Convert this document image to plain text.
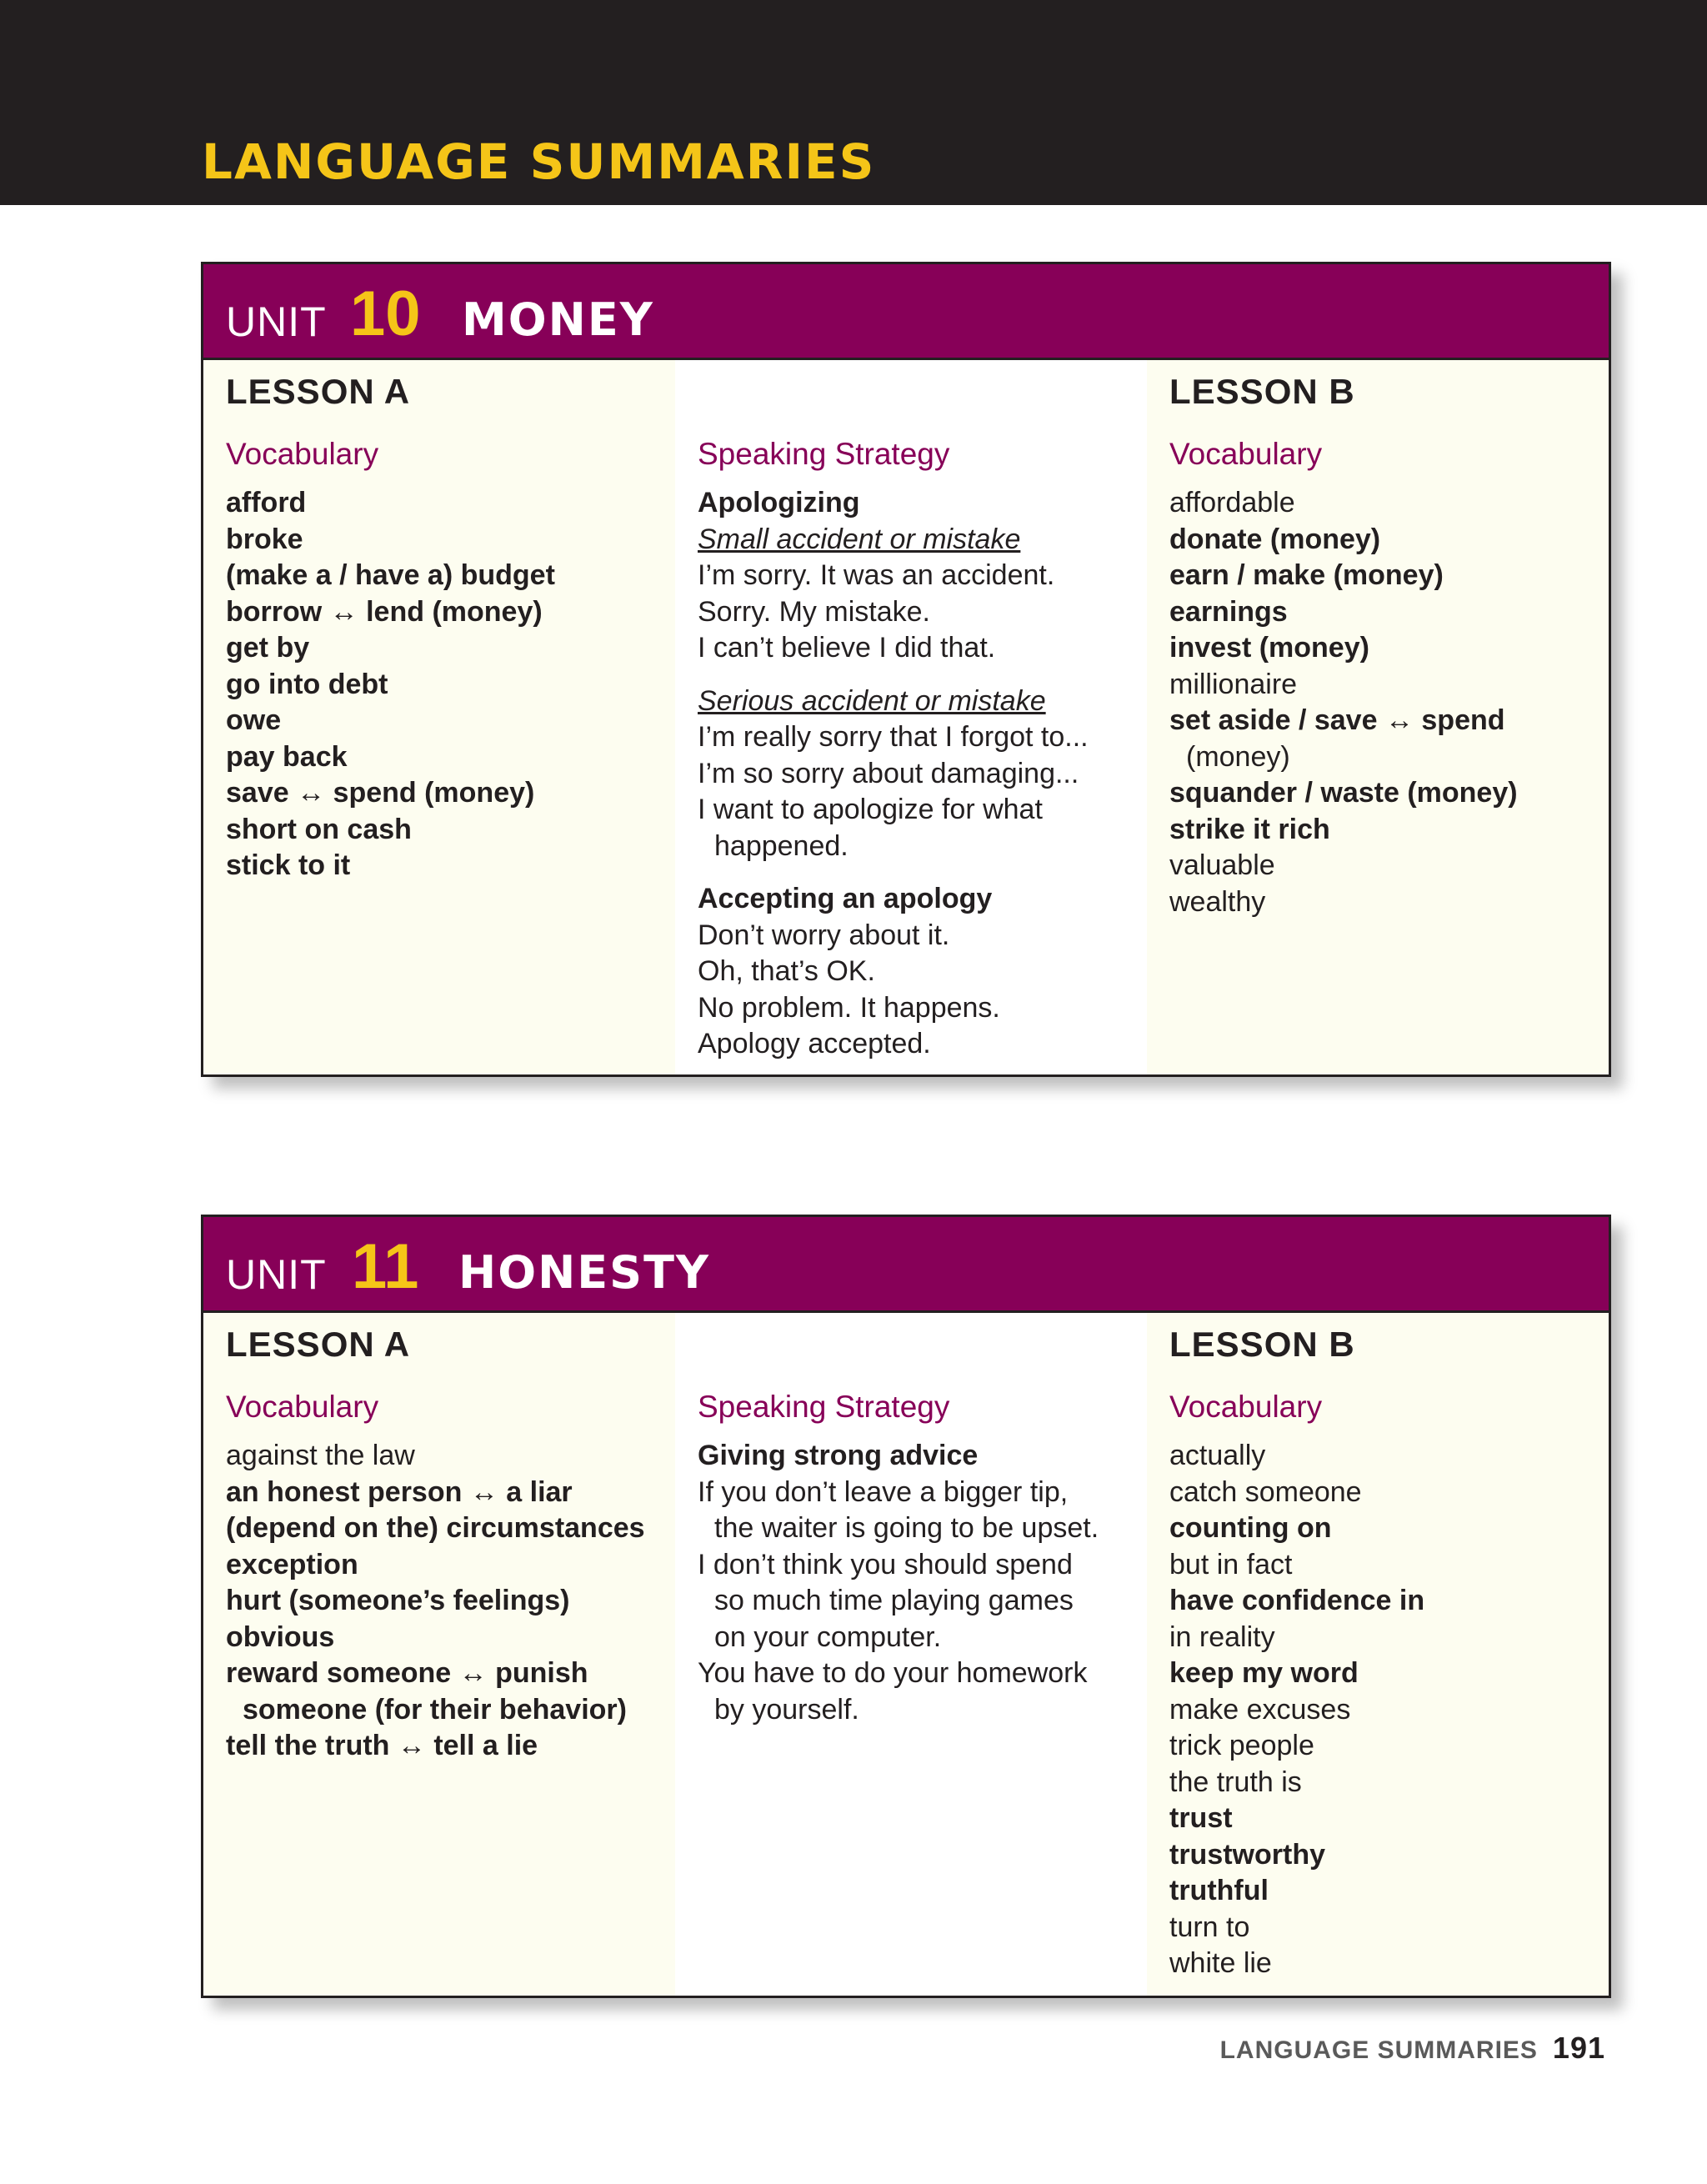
LANGUAGE SUMMARIES
UNIT 10 MONEY
LESSON A
Vocabulary
afford
broke
(make a / have a) budget
borrow ↔ lend (money)
get by
go into debt
owe
pay back
save ↔ spend (money)
short on cash
stick to it
Speaking Strategy
Apologizing
Small accident or mistake
I’m sorry. It was an accident.
Sorry. My mistake.
I can’t believe I did that.
Serious accident or mistake
I’m really sorry that I forgot to...
I’m so sorry about damaging...
I want to apologize for what
happened.
Accepting an apology
Don’t worry about it.
Oh, that’s OK.
No problem. It happens.
Apology accepted.
LESSON B
Vocabulary
affordable
donate (money)
earn / make (money)
earnings
invest (money)
millionaire
set aside / save ↔ spend
(money)
squander / waste (money)
strike it rich
valuable
wealthy
UNIT 11 HONESTY
LESSON A
Vocabulary
against the law
an honest person ↔ a liar
(depend on the) circumstances
exception
hurt (someone’s feelings)
obvious
reward someone ↔ punish
someone (for their behavior)
tell the truth ↔ tell a lie
Speaking Strategy
Giving strong advice
If you don’t leave a bigger tip,
the waiter is going to be upset.
I don’t think you should spend
so much time playing games
on your computer.
You have to do your homework
by yourself.
LESSON B
Vocabulary
actually
catch someone
counting on
but in fact
have confidence in
in reality
keep my word
make excuses
trick people
the truth is
trust
trustworthy
truthful
turn to
white lie
LANGUAGE SUMMARIES 191
